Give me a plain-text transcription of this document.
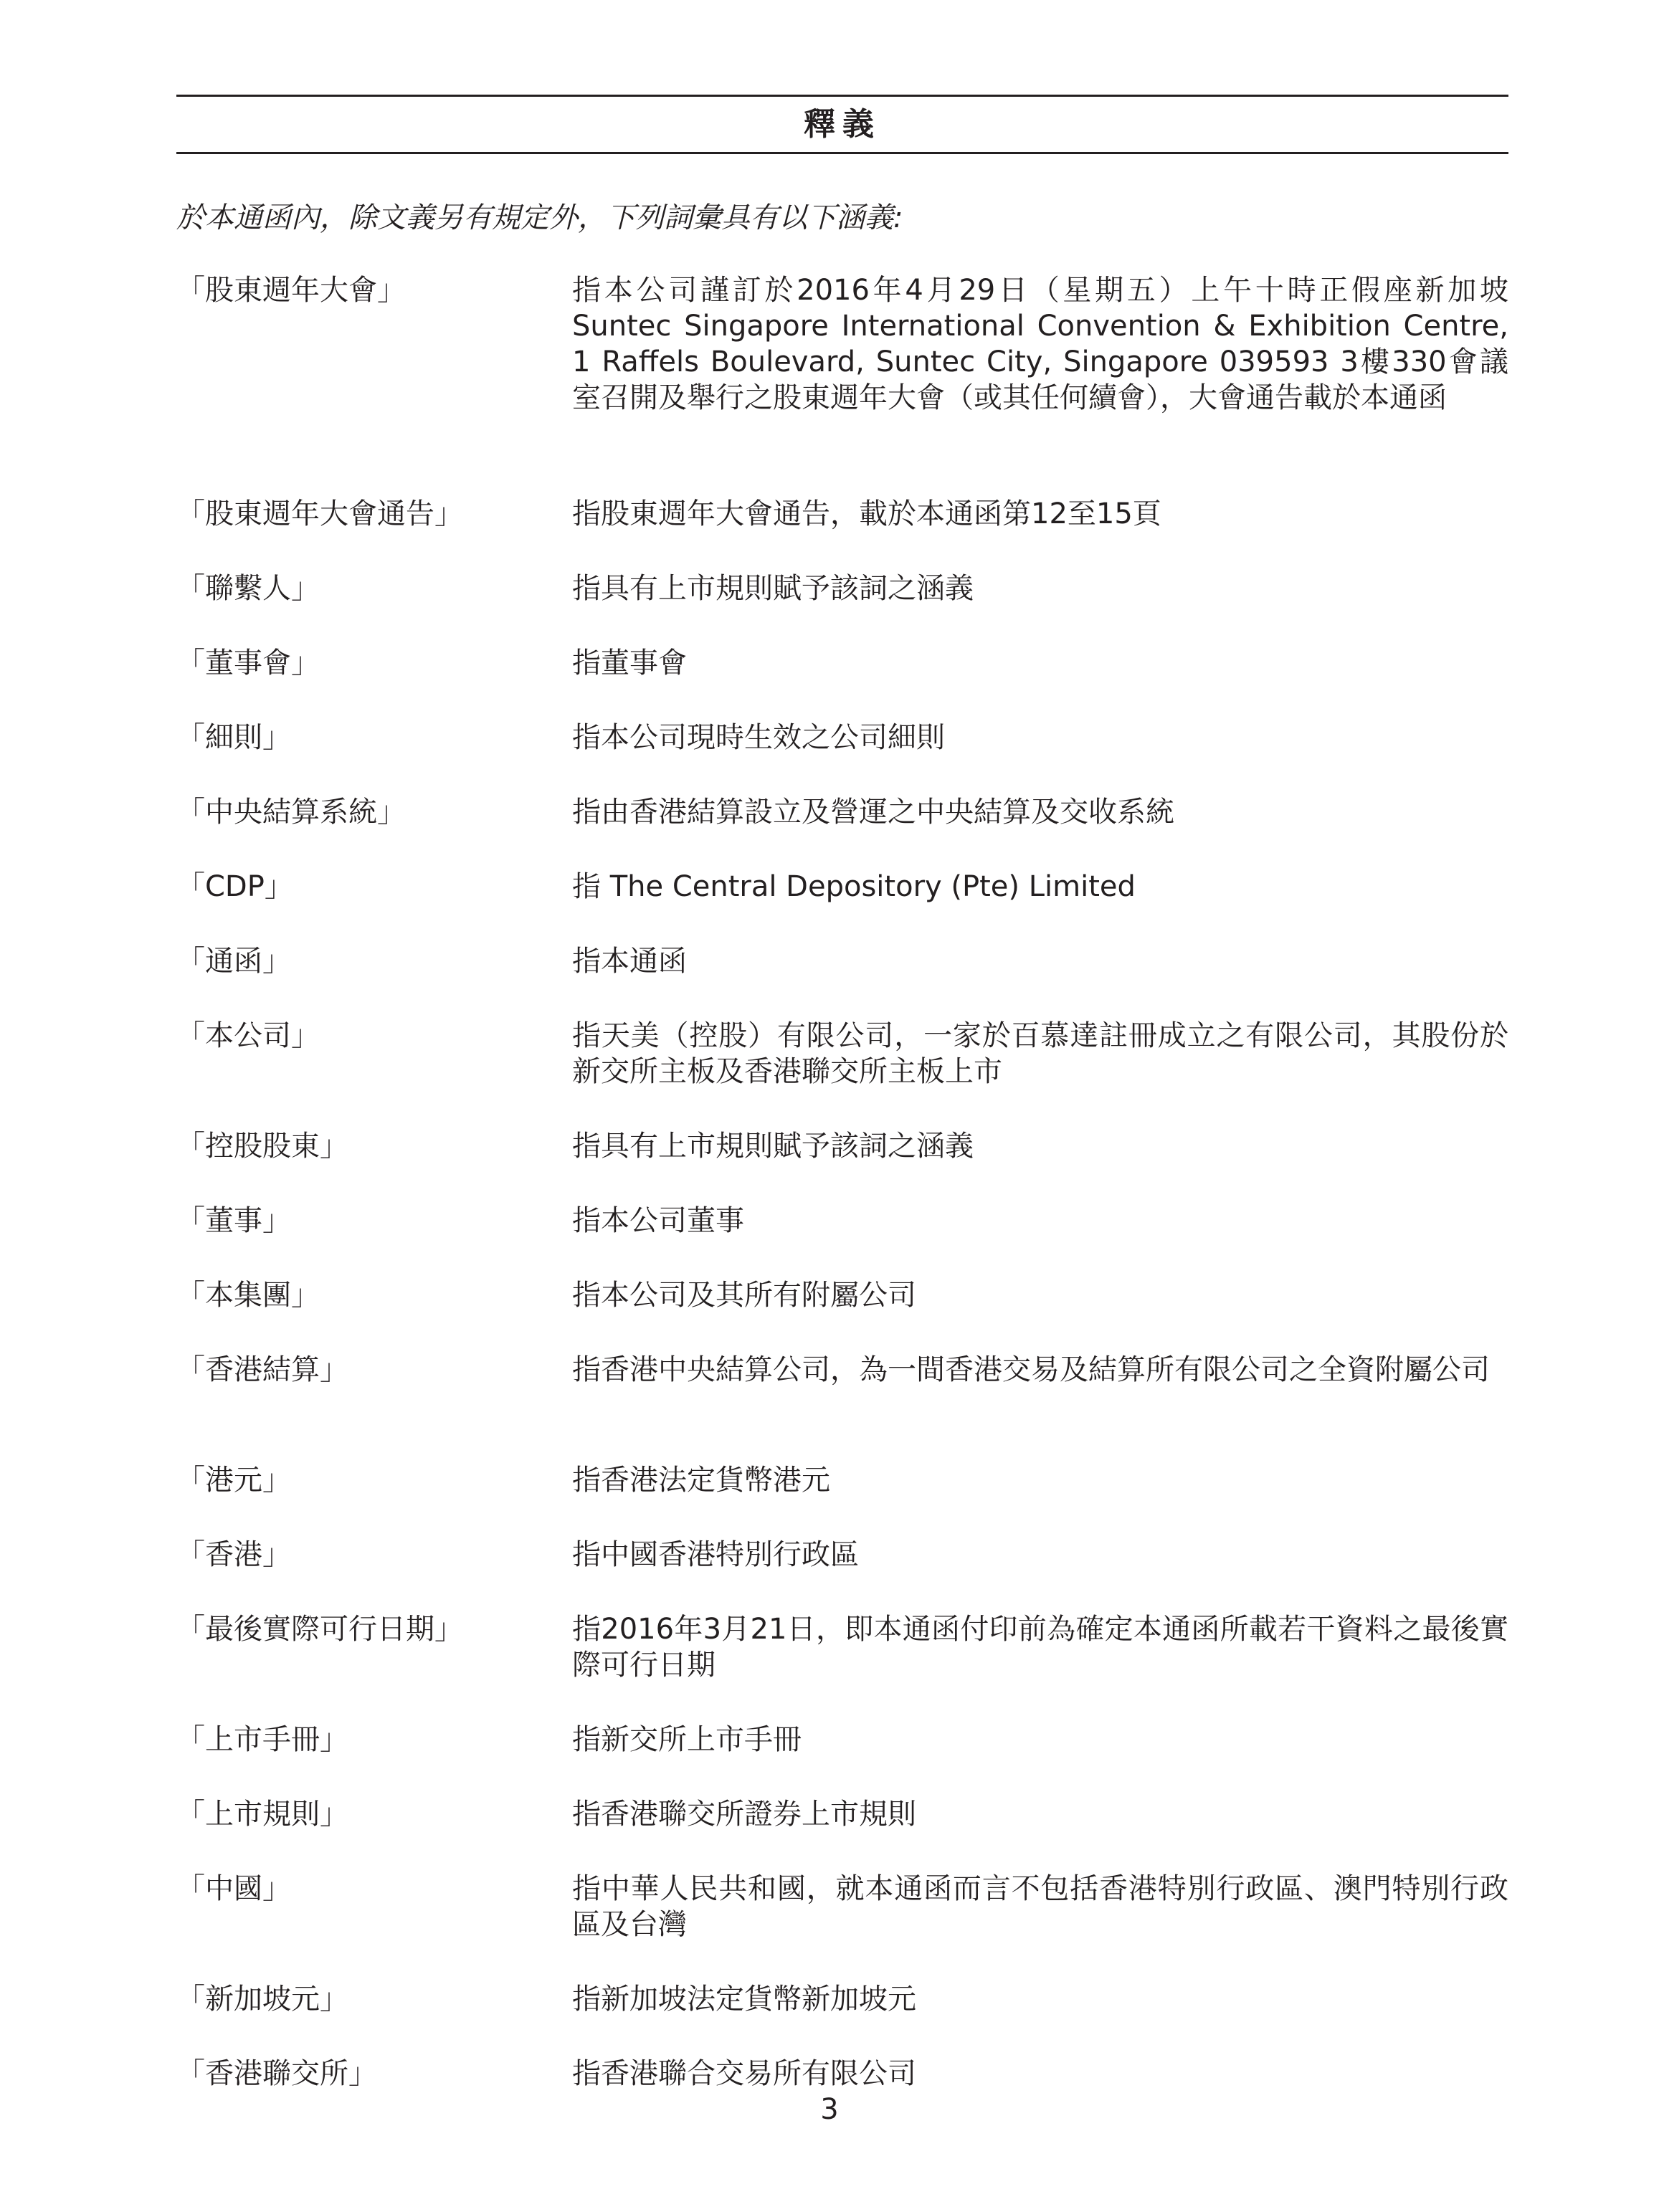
釋義
於本通函內，除文義另有規定外，下列詞彙具有以下涵義:
「股東週年大會」	指本公司謹訂於2016年4月29日（星期五）上午十時正假座新加坡 Suntec Singapore International Convention & Exhibition Centre, 1 Raffels Boulevard, Suntec City, Singapore 039593 3樓330會議室召開及舉行之股東週年大會（或其任何續會），大會通告載於本通函
「股東週年大會通告」	指股東週年大會通告，載於本通函第12至15頁
「聯繫人」	指具有上市規則賦予該詞之涵義
「董事會」	指董事會
「細則」	指本公司現時生效之公司細則
「中央結算系統」	指由香港結算設立及營運之中央結算及交收系統
「CDP」	指 The Central Depository (Pte) Limited
「通函」	指本通函
「本公司」	指天美（控股）有限公司，一家於百慕達註冊成立之有限公司，其股份於新交所主板及香港聯交所主板上市
「控股股東」	指具有上市規則賦予該詞之涵義
「董事」	指本公司董事
「本集團」	指本公司及其所有附屬公司
「香港結算」	指香港中央結算公司，為一間香港交易及結算所有限公司之全資附屬公司
「港元」	指香港法定貨幣港元
「香港」	指中國香港特別行政區
「最後實際可行日期」	指2016年3月21日，即本通函付印前為確定本通函所載若干資料之最後實際可行日期
「上市手冊」	指新交所上市手冊
「上市規則」	指香港聯交所證券上市規則
「中國」	指中華人民共和國，就本通函而言不包括香港特別行政區、澳門特別行政區及台灣
「新加坡元」	指新加坡法定貨幣新加坡元
「香港聯交所」	指香港聯合交易所有限公司
3
